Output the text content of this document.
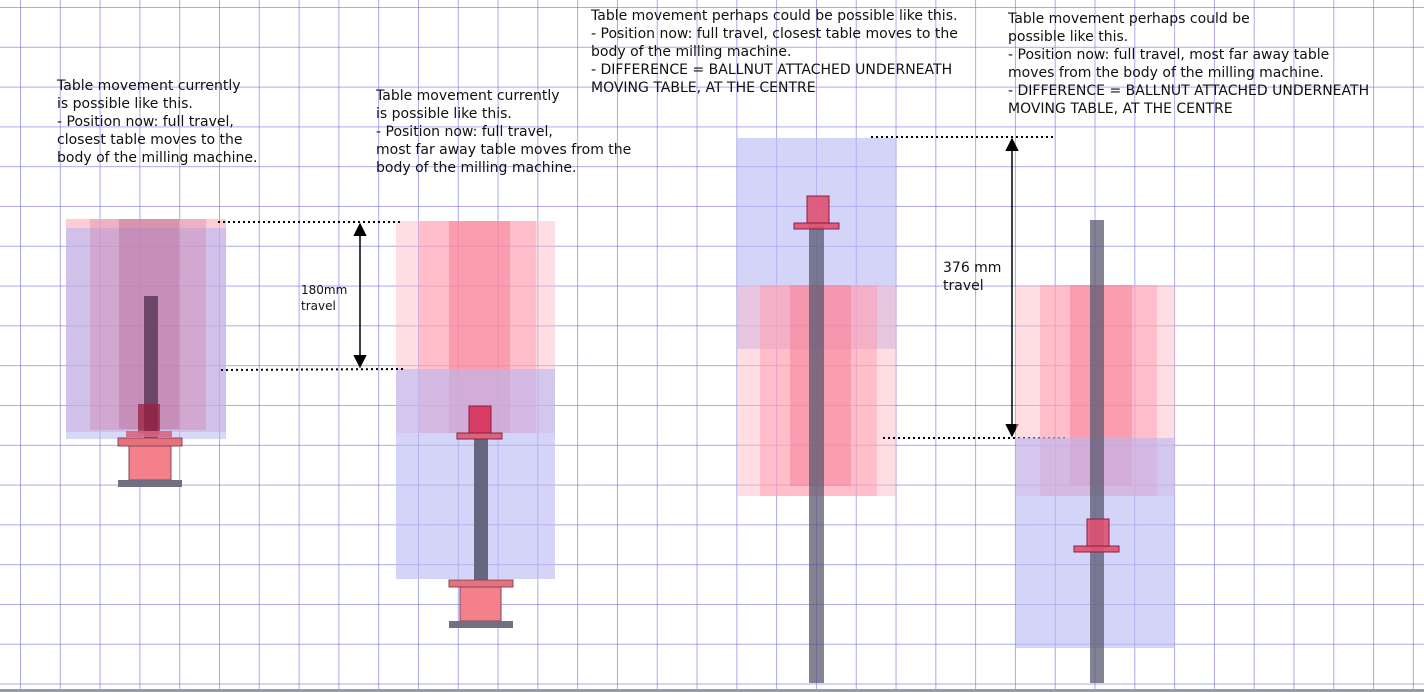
Table movement currently
is possible like this.
- Position now: full travel,
closest table moves to the
body of the milling machine.
Table movement currently
is possible like this.
- Position now: full travel,
most far away table moves from the
body of the milling machine.
Table movement perhaps could be possible like this.
- Position now: full travel, closest table moves to the
body of the milling machine.
- DIFFERENCE = BALLNUT ATTACHED UNDERNEATH
MOVING TABLE, AT THE CENTRE
Table movement perhaps could be
possible like this.
- Position now: full travel, most far away table
moves from the body of the milling machine.
- DIFFERENCE = BALLNUT ATTACHED UNDERNEATH
MOVING TABLE, AT THE CENTRE
180mm
travel
376 mm
travel
